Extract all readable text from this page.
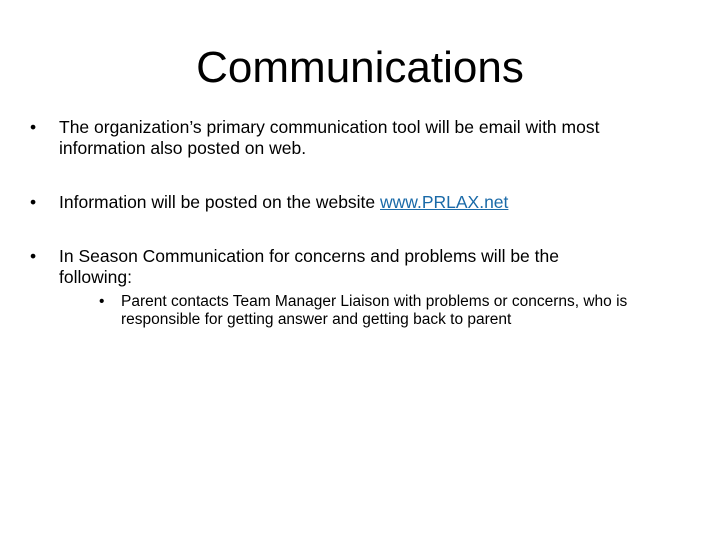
Communications
• The organization’s primary communication tool will be email with most information also posted on web.
• Information will be posted on the website www.PRLAX.net
• In Season Communication for concerns and problems will be the following:
• Parent contacts Team Manager Liaison with problems or concerns, who is responsible for getting answer and getting back to parent
